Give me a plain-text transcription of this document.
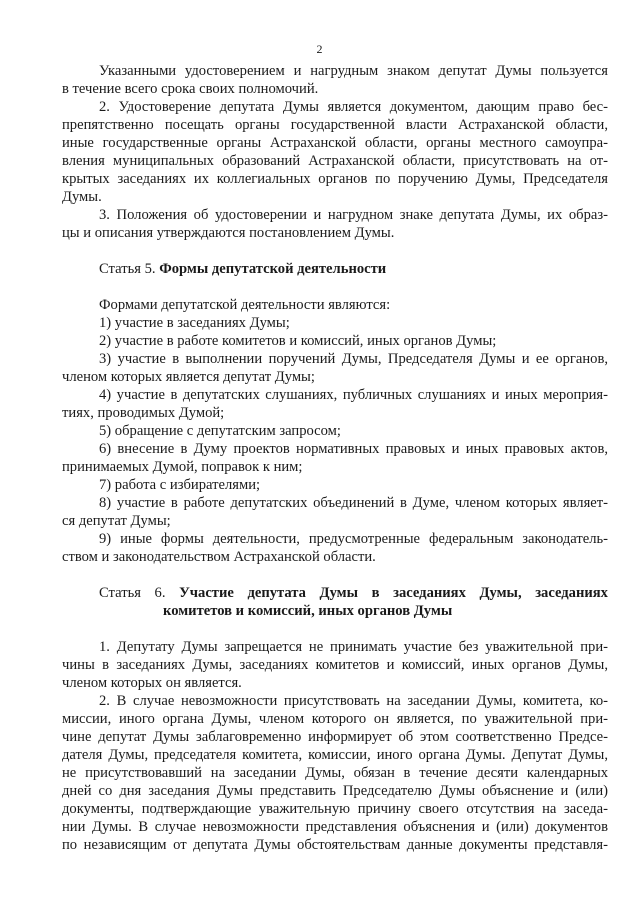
2
Указанными удостоверением и нагрудным знаком депутат Думы пользуется
в течение всего срока своих полномочий.
2. Удостоверение депутата Думы является документом, дающим право бес-
препятственно посещать органы государственной власти Астраханской области,
иные государственные органы Астраханской области, органы местного самоупра-
вления муниципальных образований Астраханской области, присутствовать на от-
крытых заседаниях их коллегиальных органов по поручению Думы, Председателя
Думы.
3. Положения об удостоверении и нагрудном знаке депутата Думы, их образ-
цы и описания утверждаются постановлением Думы.
Статья 5. Формы депутатской деятельности
Формами депутатской деятельности являются:
1) участие в заседаниях Думы;
2) участие в работе комитетов и комиссий, иных органов Думы;
3) участие в выполнении поручений Думы, Председателя Думы и ее органов,
членом которых является депутат Думы;
4) участие в депутатских слушаниях, публичных слушаниях и иных мероприя-
тиях, проводимых Думой;
5) обращение с депутатским запросом;
6) внесение в Думу проектов нормативных правовых и иных правовых актов,
принимаемых Думой, поправок к ним;
7) работа с избирателями;
8) участие в работе депутатских объединений в Думе, членом которых являет-
ся депутат Думы;
9) иные формы деятельности, предусмотренные федеральным законодатель-
ством и законодательством Астраханской области.
Статья 6. Участие депутата Думы в заседаниях Думы, заседаниях
комитетов и комиссий, иных органов Думы
1. Депутату Думы запрещается не принимать участие без уважительной при-
чины в заседаниях Думы, заседаниях комитетов и комиссий, иных органов Думы,
членом которых он является.
2. В случае невозможности присутствовать на заседании Думы, комитета, ко-
миссии, иного органа Думы, членом которого он является, по уважительной при-
чине депутат Думы заблаговременно информирует об этом соответственно Предсе-
дателя Думы, председателя комитета, комиссии, иного органа Думы. Депутат Думы,
не присутствовавший на заседании Думы, обязан в течение десяти календарных
дней со дня заседания Думы представить Председателю Думы объяснение и (или)
документы, подтверждающие уважительную причину своего отсутствия на заседа-
нии Думы. В случае невозможности представления объяснения и (или) документов
по независящим от депутата Думы обстоятельствам данные документы представля-
